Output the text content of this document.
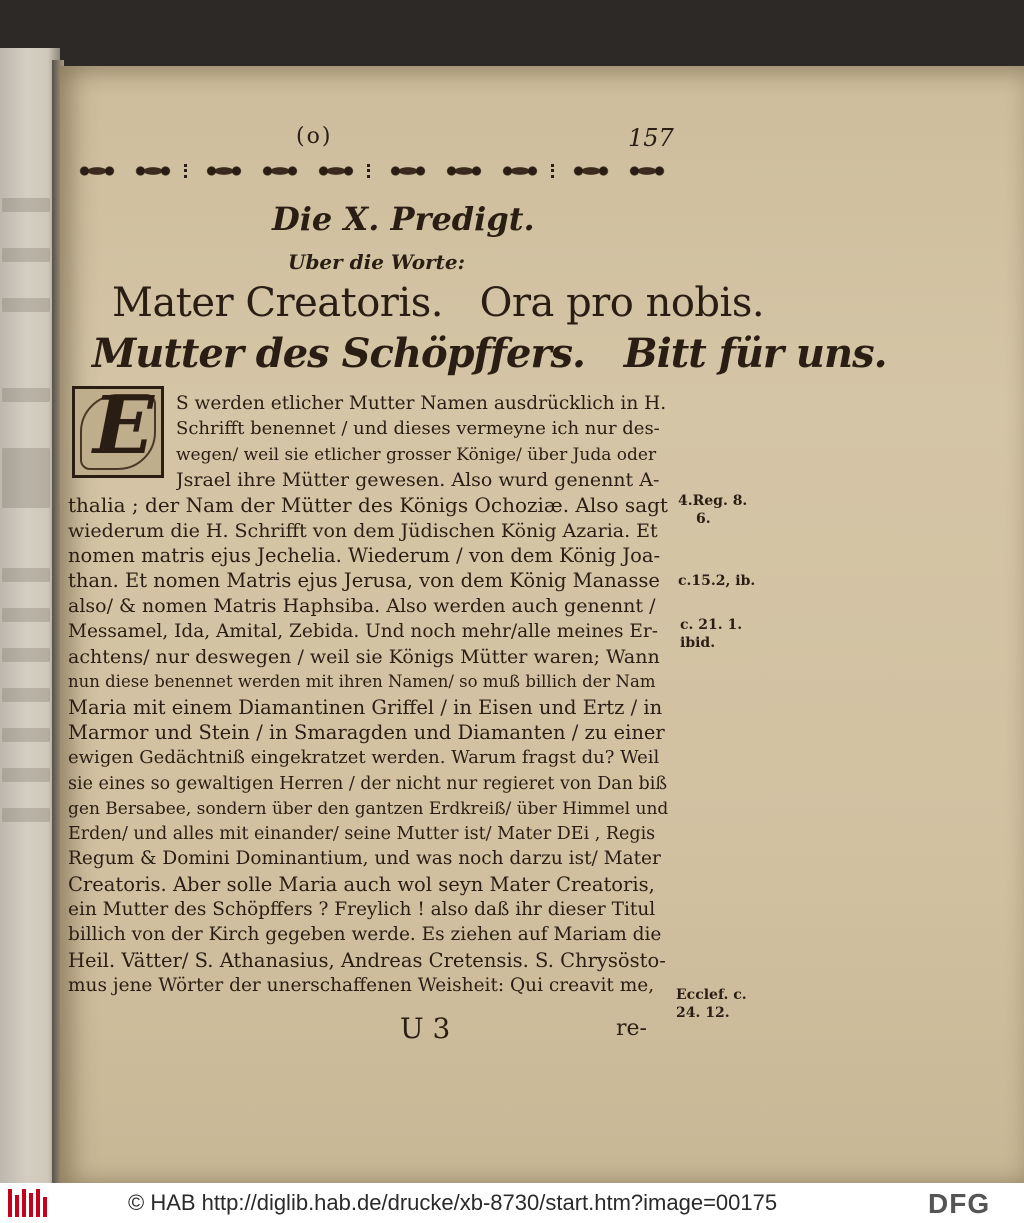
(o)	157
Die X. Predigt.
Uber die Worte:
Mater Creatoris.   Ora pro nobis.
Mutter des Schöpffers.   Bitt für uns.
E S werden etlicher Mutter Namen ausdrücklich in H.
Schrifft benennet / und dieses vermeyne ich nur des-
wegen/ weil sie etlicher grosser Könige/ über Juda oder
Jsrael ihre Mütter gewesen. Also wurd genennt A-
thalia ; der Nam der Mütter des Königs Ochoziæ. Also sagt
wiederum die H. Schrifft von dem Jüdischen König Azaria. Et
nomen matris ejus Jechelia. Wiederum / von dem König Joa-
than. Et nomen Matris ejus Jerusa, von dem König Manasse
also/ & nomen Matris Haphsiba. Also werden auch genennt /
Messamel, Ida, Amital, Zebida. Und noch mehr/alle meines Er-
achtens/ nur deswegen / weil sie Königs Mütter waren; Wann
nun diese benennet werden mit ihren Namen/ so muß billich der Nam
Maria mit einem Diamantinen Griffel / in Eisen und Ertz / in
Marmor und Stein / in Smaragden und Diamanten / zu einer
ewigen Gedächtniß eingekratzet werden. Warum fragst du? Weil
sie eines so gewaltigen Herren / der nicht nur regieret von Dan biß
gen Bersabee, sondern über den gantzen Erdkreiß/ über Himmel und
Erden/ und alles mit einander/ seine Mutter ist/ Mater DEi , Regis
Regum & Domini Dominantium, und was noch darzu ist/ Mater
Creatoris. Aber solle Maria auch wol seyn Mater Creatoris,
ein Mutter des Schöpffers ? Freylich ! also daß ihr dieser Titul
billich von der Kirch gegeben werde. Es ziehen auf Mariam die
Heil. Vätter/ S. Athanasius, Andreas Cretensis. S. Chrysösto-
mus jene Wörter der unerschaffenen Weisheit: Qui creavit me,
4.Reg. 8.
6.
c.15.2, ib.
c. 21. 1.
ibid.
Ecclef. c.
24. 12.
U 3	re-
© HAB http://diglib.hab.de/drucke/xb-8730/start.htm?image=00175	DFG
